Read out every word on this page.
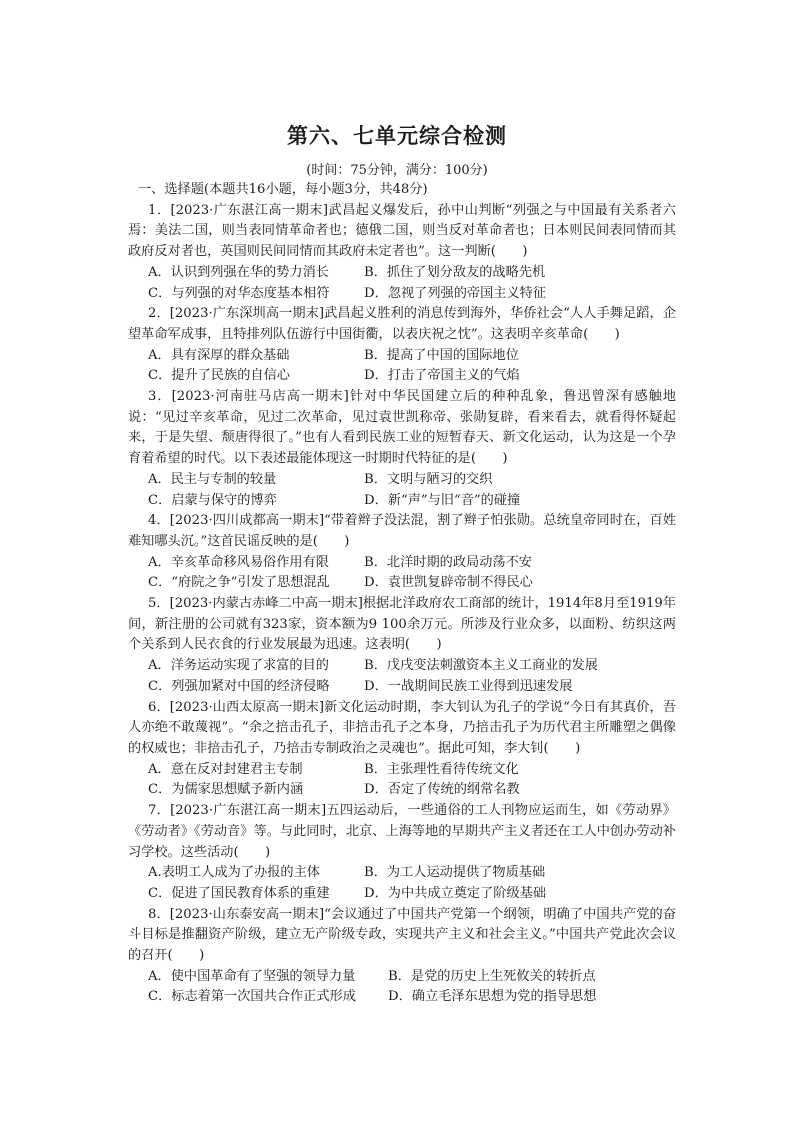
第六、七单元综合检测
(时间：75分钟，满分：100分)
一、选择题(本题共16小题，每小题3分，共48分)
1．[2023·广东湛江高一期末]武昌起义爆发后，孙中山判断“列强之与中国最有关系者六焉：美法二国，则当表同情革命者也；德俄二国，则当反对革命者也；日本则民间表同情而其政府反对者也，英国则民间同情而其政府未定者也”。这一判断(　　)
A．认识到列强在华的势力消长	B．抓住了划分敌友的战略先机
C．与列强的对华态度基本相符	D．忽视了列强的帝国主义特征
2．[2023·广东深圳高一期末]武昌起义胜利的消息传到海外，华侨社会“人人手舞足蹈，企望革命军成事，且特排列队伍游行中国街衢，以表庆祝之忱”。这表明辛亥革命(　　)
A．具有深厚的群众基础	B．提高了中国的国际地位
C．提升了民族的自信心	D．打击了帝国主义的气焰
3．[2023·河南驻马店高一期末]针对中华民国建立后的种种乱象，鲁迅曾深有感触地说：“见过辛亥革命，见过二次革命，见过袁世凯称帝、张勋复辟，看来看去，就看得怀疑起来，于是失望、颓唐得很了。”也有人看到民族工业的短暂春天、新文化运动，认为这是一个孕育着希望的时代。以下表述最能体现这一时期时代特征的是(　　)
A．民主与专制的较量	B．文明与陋习的交织
C．启蒙与保守的博弈	D．新“声”与旧“音”的碰撞
4．[2023·四川成都高一期末]“带着辫子没法混，割了辫子怕张勋。总统皇帝同时在，百姓难知哪头沉。”这首民谣反映的是(　　)
A．辛亥革命移风易俗作用有限	B．北洋时期的政局动荡不安
C．“府院之争”引发了思想混乱	D．袁世凯复辟帝制不得民心
5．[2023·内蒙古赤峰二中高一期末]根据北洋政府农工商部的统计，1914年8月至1919年间，新注册的公司就有323家，资本额为9 100余万元。所涉及行业众多，以面粉、纺织这两个关系到人民衣食的行业发展最为迅速。这表明(　　)
A．洋务运动实现了求富的目的	B．戊戌变法刺激资本主义工商业的发展
C．列强加紧对中国的经济侵略	D．一战期间民族工业得到迅速发展
6．[2023·山西太原高一期末]新文化运动时期，李大钊认为孔子的学说“今日有其真价，吾人亦绝不敢蔑视”。“余之掊击孔子，非掊击孔子之本身，乃掊击孔子为历代君主所雕塑之偶像的权威也；非掊击孔子，乃掊击专制政治之灵魂也”。据此可知，李大钊(　　)
A．意在反对封建君主专制	B．主张理性看待传统文化
C．为儒家思想赋予新内涵	D．否定了传统的纲常名教
7．[2023·广东湛江高一期末]五四运动后，一些通俗的工人刊物应运而生，如《劳动界》《劳动者》《劳动音》等。与此同时，北京、上海等地的早期共产主义者还在工人中创办劳动补习学校。这些活动(　　)
A.表明工人成为了办报的主体	B．为工人运动提供了物质基础
C．促进了国民教育体系的重建	D．为中共成立奠定了阶级基础
8．[2023·山东泰安高一期末]“会议通过了中国共产党第一个纲领，明确了中国共产党的奋斗目标是推翻资产阶级，建立无产阶级专政，实现共产主义和社会主义。”中国共产党此次会议的召开(　　)
A．使中国革命有了坚强的领导力量	B．是党的历史上生死攸关的转折点
C．标志着第一次国共合作正式形成	D．确立毛泽东思想为党的指导思想
